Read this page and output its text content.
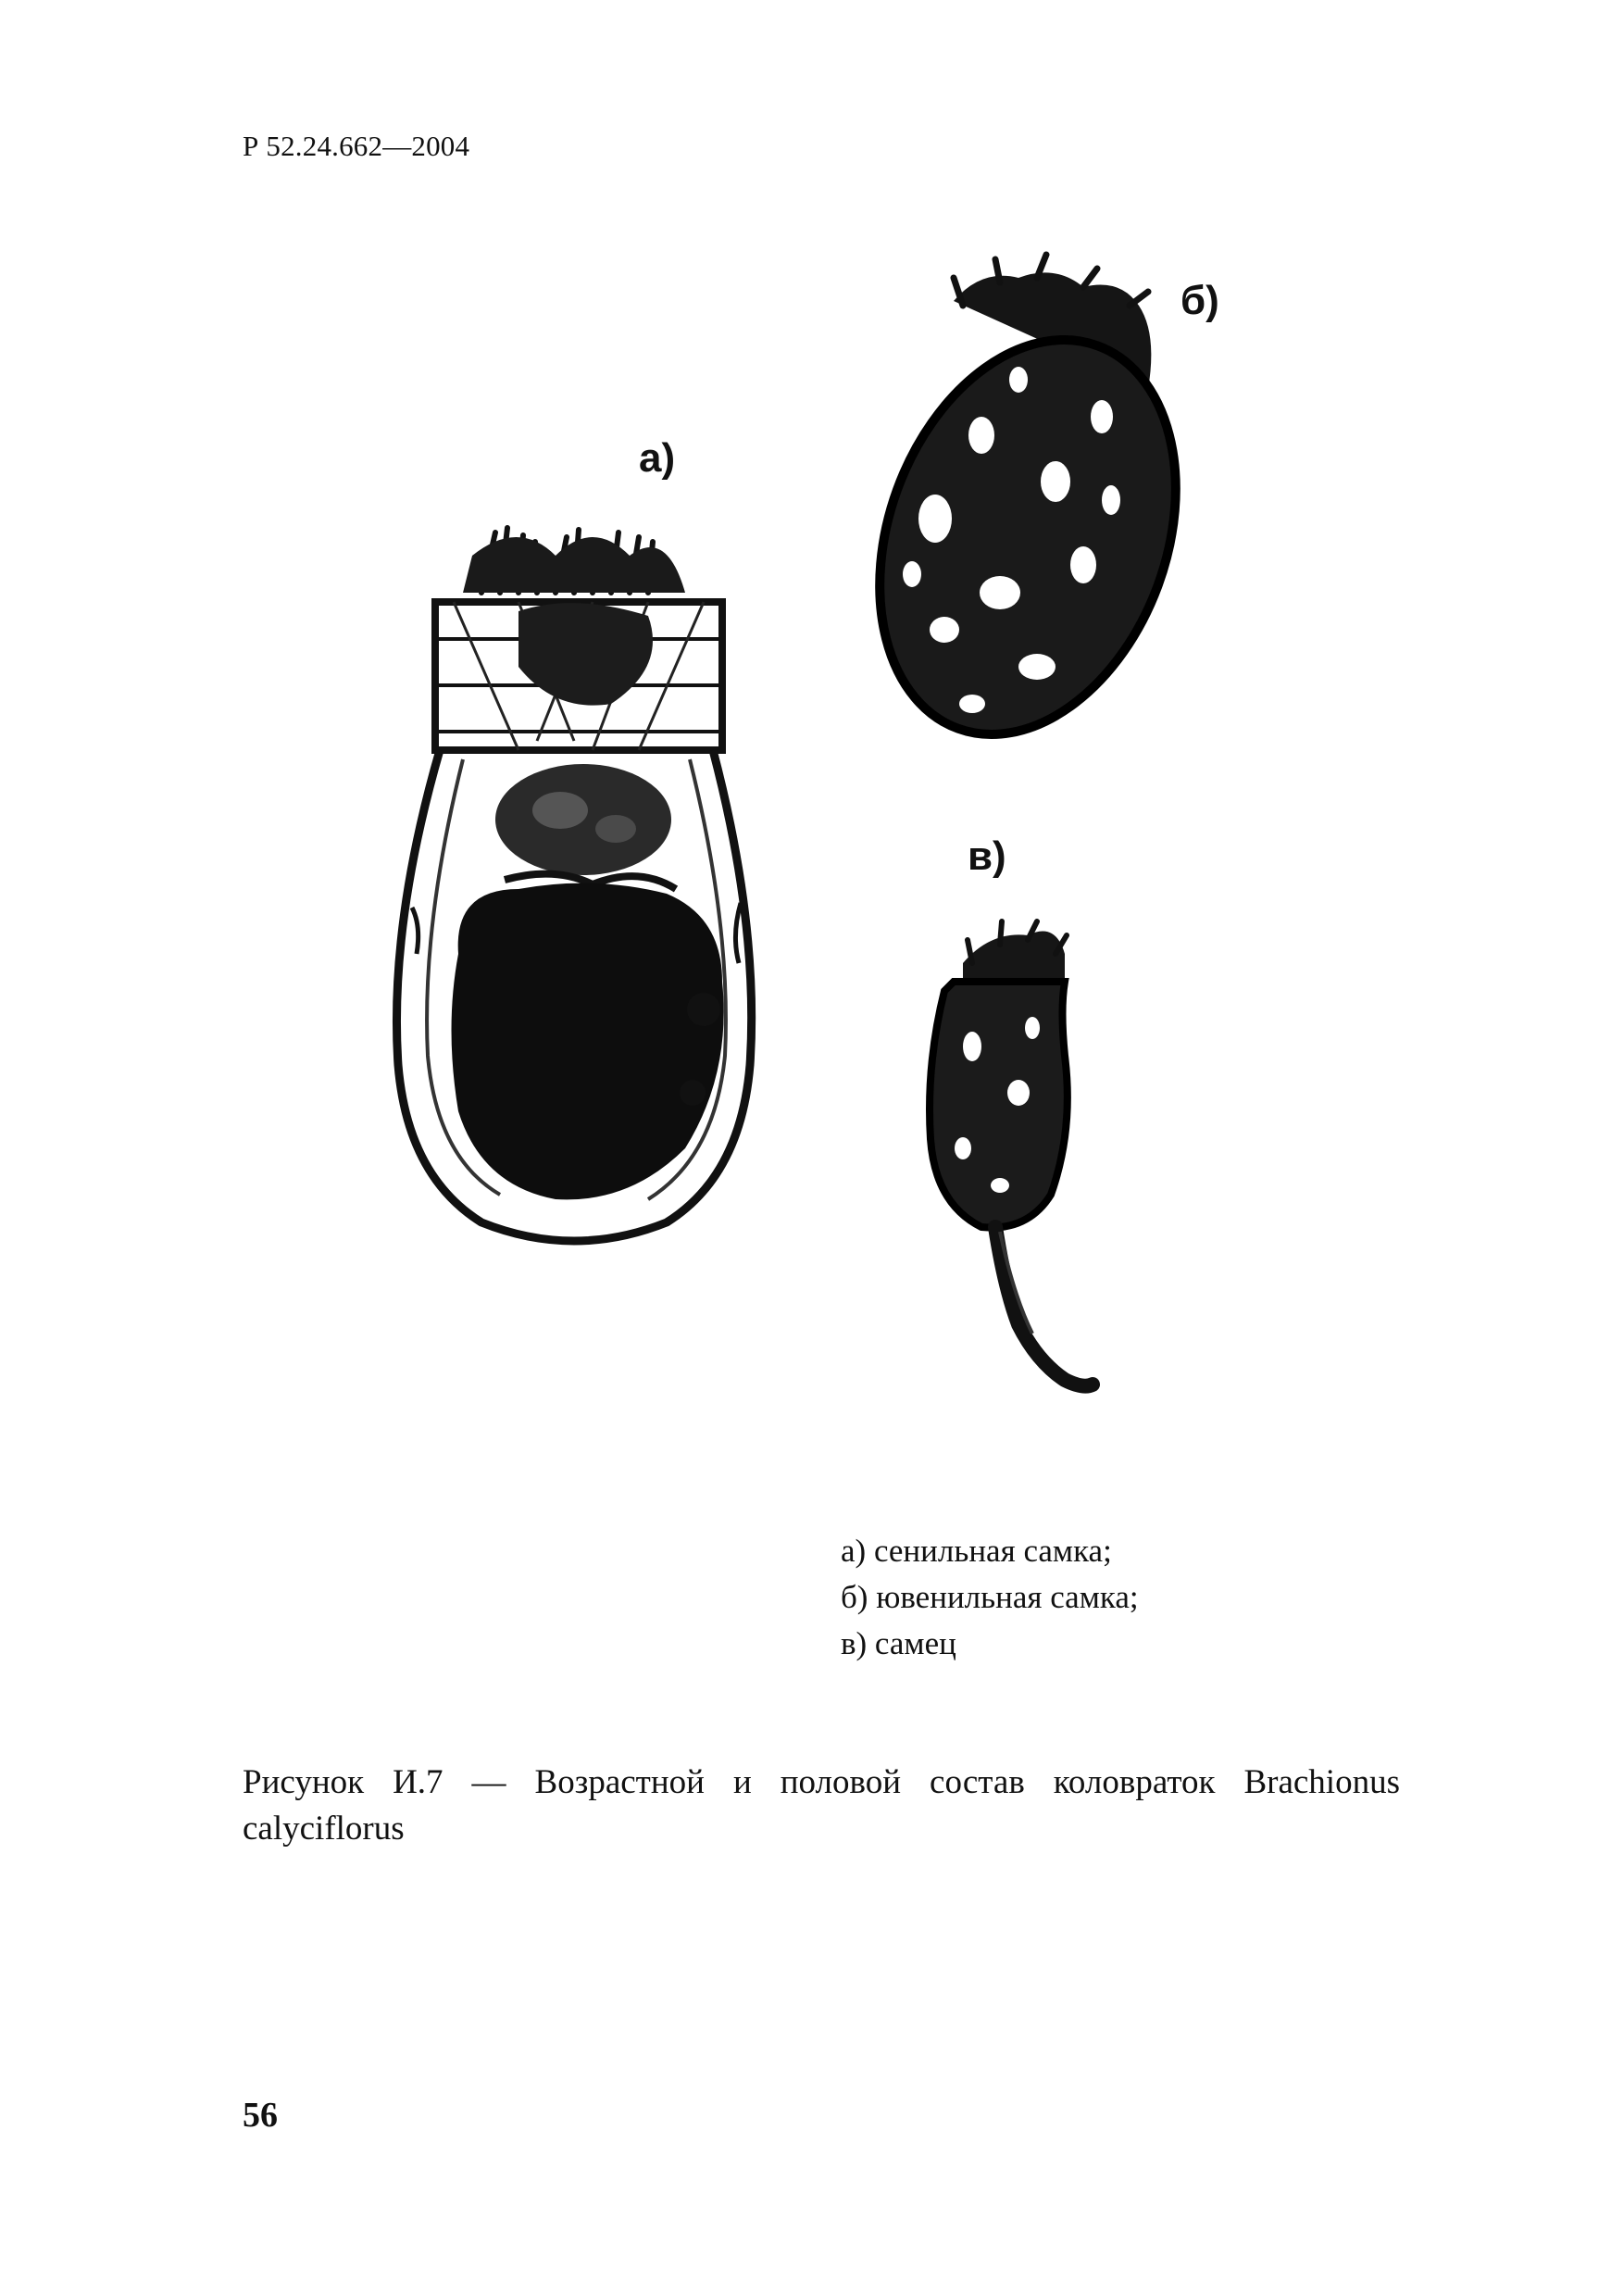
Р 52.24.662—2004
а)
б)
в)
а) сенильная самка;
б) ювенильная самка;
в) самец
Рисунок И.7 — Возрастной и половой состав коловраток Brachionus calyciflorus
56
